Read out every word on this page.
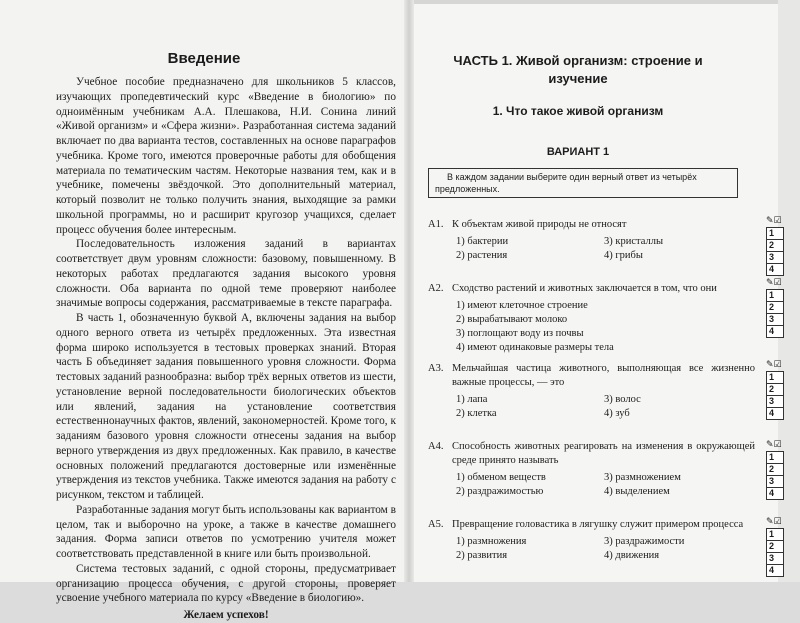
Введение

Учебное пособие предназначено для школьников 5 классов, изучающих пропедевтический курс «Введение в биологию» по одноимённым учебникам А.А. Плешакова, Н.И. Сонина линий «Живой организм» и «Сфера жизни». Разработанная система заданий включает по два варианта тестов, составленных на основе параграфов учебника. Кроме того, имеются проверочные работы для обобщения материала по тематическим частям. Некоторые названия тем, как и в учебнике, помечены звёздочкой. Это дополнительный материал, который позволит не только получить знания, выходящие за рамки школьной программы, но и расширит кругозор учащихся, сделает процесс обучения более интересным.

Последовательность изложения заданий в вариантах соответствует двум уровням сложности: базовому, повышенному. В некоторых работах предлагаются задания высокого уровня сложности. Оба варианта по одной теме проверяют наиболее значимые вопросы содержания, рассматриваемые в тексте параграфа.

В часть 1, обозначенную буквой А, включены задания на выбор одного верного ответа из четырёх предложенных. Эта известная форма широко используется в тестовых проверках знаний. Вторая часть Б объединяет задания повышенного уровня сложности. Форма тестовых заданий разнообразна: выбор трёх верных ответов из шести, установление верной последовательности биологических объектов или явлений, задания на установление соответствия естественнонаучных фактов, явлений, закономерностей. Кроме того, к заданиям базового уровня сложности отнесены задания на выбор верного утверждения из двух предложенных. Как правило, в качестве основных положений предлагаются достоверные или изменённые утверждения из текстов учебника. Также имеются задания на работу с рисунком, текстом и таблицей.

Разработанные задания могут быть использованы как вариантом в целом, так и выборочно на уроке, а также в качестве домашнего задания. Форма записи ответов по усмотрению учителя может соответствовать представленной в книге или быть произвольной.

Система тестовых заданий, с одной стороны, предусматривает организацию процесса обучения, с другой стороны, проверяет усвоение учебного материала по курсу «Введение в биологию».

Желаем успехов!

ЧАСТЬ 1. Живой организм: строение и изучение
1. Что такое живой организм
ВАРИАНТ 1
В каждом задании выберите один верный ответ из четырёх предложенных.
А1. К объектам живой природы не относят
1) бактерии	3) кристаллы
2) растения	4) грибы
А2. Сходство растений и животных заключается в том, что они
1) имеют клеточное строение
2) вырабатывают молоко
3) поглощают воду из почвы
4) имеют одинаковые размеры тела
А3. Мельчайшая частица животного, выполняющая все жизненно важные процессы, — это
1) лапа	3) волос
2) клетка	4) зуб
А4. Способность животных реагировать на изменения в окружающей среде принято называть
1) обменом веществ	3) размножением
2) раздражимостью	4) выделением
А5. Превращение головастика в лягушку служит примером процесса
1) размножения	3) раздражимости
2) развития	4) движения
✎☑
1
2
3
4
✎☑
1
2
3
4
✎☑
1
2
3
4
✎☑
1
2
3
4
✎☑
1
2
3
4
